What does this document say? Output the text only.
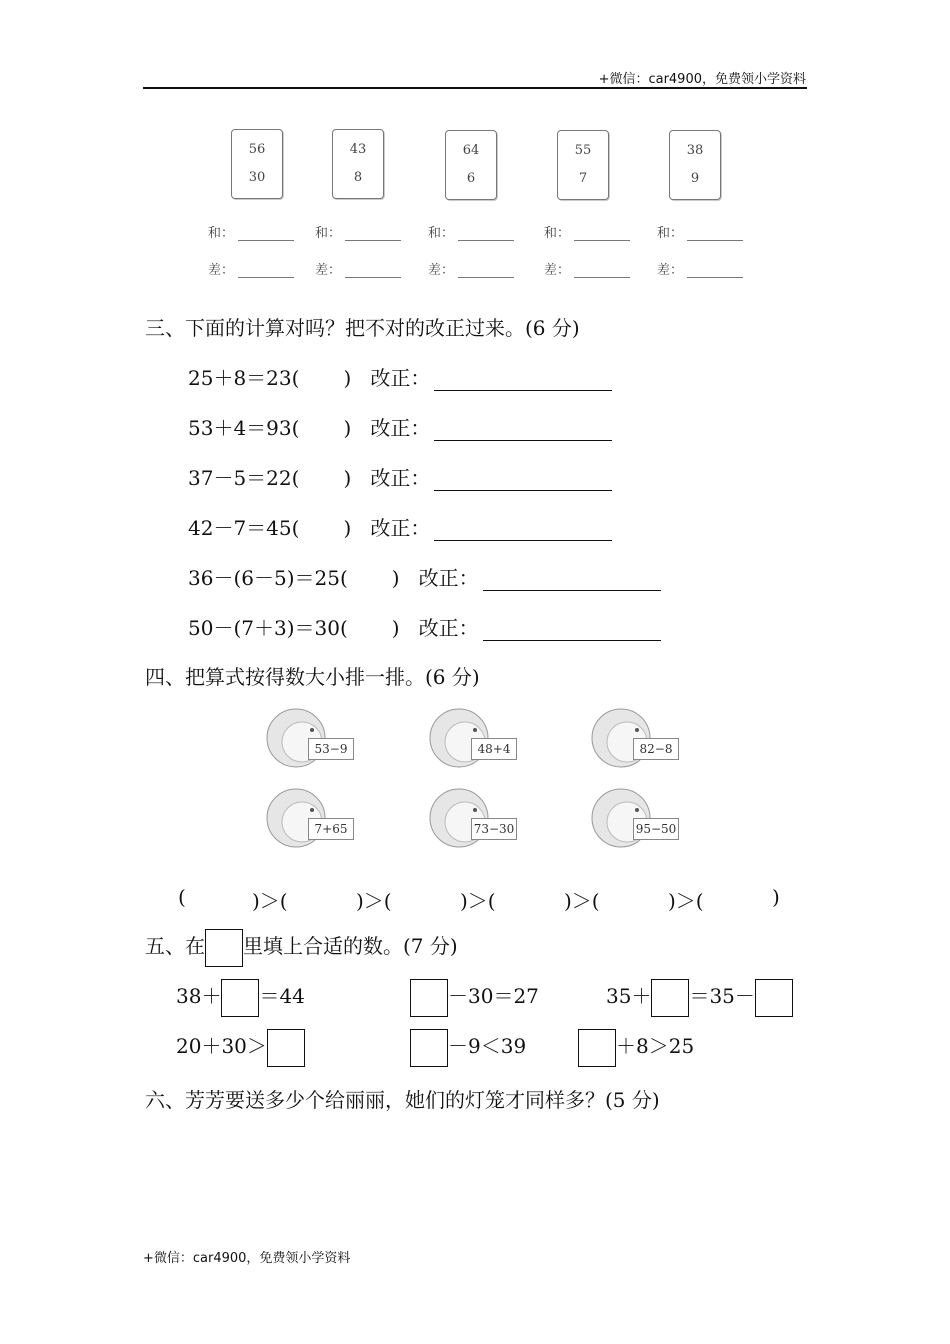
+微信：car4900，免费领小学资料
56
30
43
8
64
6
55
7
38
9
和：	和：	和：	和：	和：
差：	差：	差：	差：	差：
三、下面的计算对吗？把不对的改正过来。(6 分)
25＋8＝23( ) 改正：
53＋4＝93( ) 改正：
37－5＝22( ) 改正：
42－7＝45( ) 改正：
36－(6－5)＝25( ) 改正：
50－(7＋3)＝30( ) 改正：
四、把算式按得数大小排一排。(6 分)
53−9	48+4	82−8
7+65	73−30	95−50
(	)＞(	)＞(	)＞(	)＞(	)＞(	)
五、在 里填上合适的数。(7 分)
38＋ ＝44	－30＝27	35＋ ＝35－
20＋30＞	－9＜39	＋8＞25
六、芳芳要送多少个给丽丽，她们的灯笼才同样多？(5 分)
+微信：car4900，免费领小学资料
